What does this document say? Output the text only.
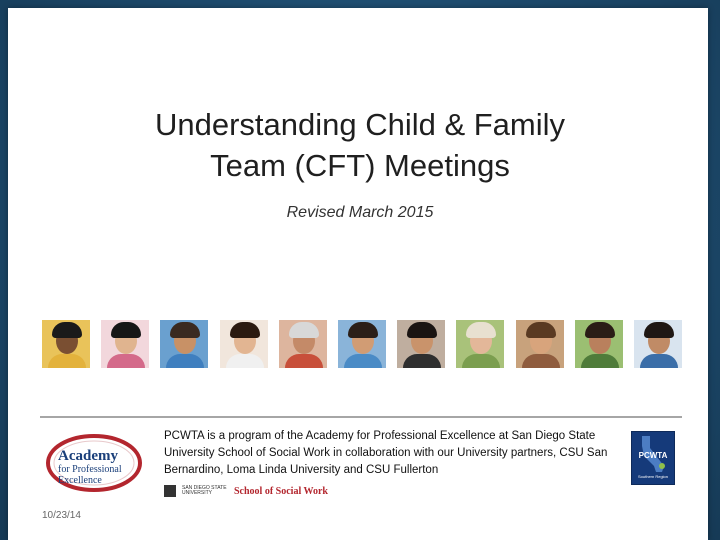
Understanding Child & Family
Team (CFT) Meetings
Revised March 2015
Academy
for Professional
Excellence
PCWTA is a program of the Academy for Professional Excellence at San Diego State University School of Social Work in collaboration with our University partners, CSU San Bernardino, Loma Linda University and CSU Fullerton
SAN DIEGO STATE UNIVERSITY	School of Social Work
PCWTA
Southern Region
10/23/14
